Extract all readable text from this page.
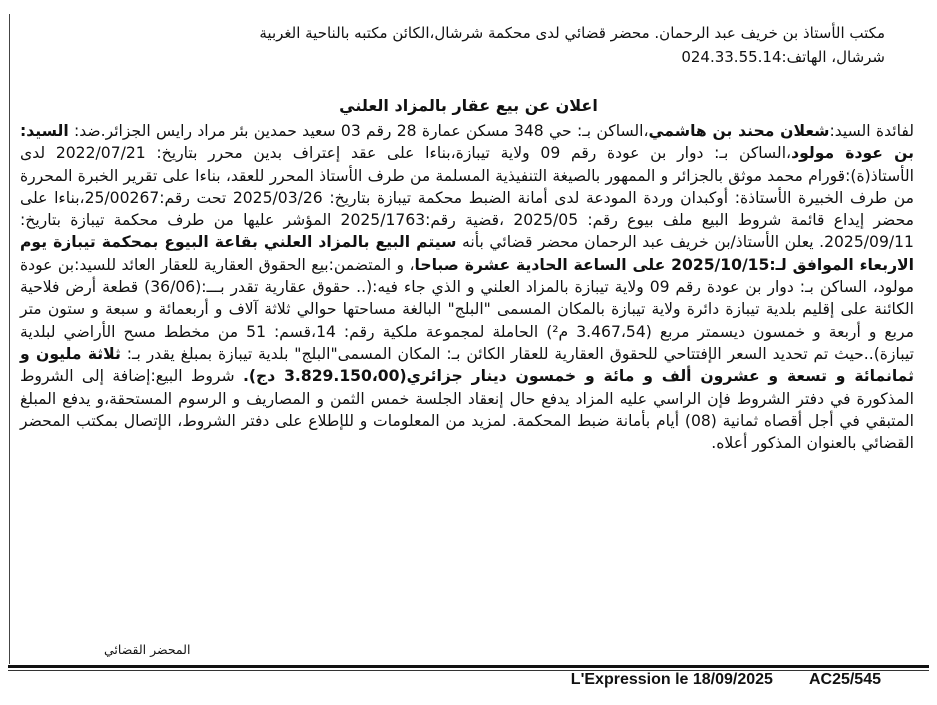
مكتب الأستاذ بن خريف عبد الرحمان. محضر قضائي لدى محكمة شرشال،الكائن مكتبه بالناحية الغربية
شرشال، الهاتف:024.33.55.14
اعلان عن بيع عقار بالمزاد العلني
لفائدة السيد:شعلان محند بن هاشمي،الساكن بـ: حي 348 مسكن عمارة 28 رقم 03 سعيد حمدين بئر مراد رايس الجزائر.ضد: السيد: بن عودة مولود،الساكن بـ: دوار بن عودة رقم 09 ولاية تيبازة،بناءا على عقد إعتراف بدين محرر بتاريخ: 2022/07/21 لدى الأستاذ(ة):قورام محمد موثق بالجزائر و الممهور بالصيغة التنفيذية المسلمة من طرف الأستاذ المحرر للعقد، بناءا على تقرير الخبرة المحررة من طرف الخبيرة الأستاذة: أوكبدان وردة المودعة لدى أمانة الضبط محكمة تيبازة بتاريخ: 2025/03/26 تحت رقم:25/00267،بناءا على محضر إيداع قائمة شروط البيع ملف بيوع رقم: 2025/05 ،قضية رقم:2025/1763 المؤشر عليها من طرف محكمة تيبازة بتاريخ: 2025/09/11. يعلن الأستاذ/بن خريف عبد الرحمان محضر قضائي بأنه سيتم البيع بالمزاد العلني بقاعة البيوع بمحكمة تيبازة يوم الاربعاء الموافق لـ:2025/10/15 على الساعة الحادية عشرة صباحا، و المتضمن:بيع الحقوق العقارية للعقار العائد للسيد:بن عودة مولود، الساكن بـ: دوار بن عودة رقم 09 ولاية تيبازة بالمزاد العلني و الذي جاء فيه:(.. حقوق عقارية تقدر بـــ:(36/06) قطعة أرض فلاحية الكائنة على إقليم بلدية تيبازة دائرة ولاية تيبازة بالمكان المسمى "البلج" البالغة مساحتها حوالي ثلاثة آلاف و أربعمائة و سبعة و ستون متر مربع و أربعة و خمسون ديسمتر مربع (3.467،54 م²) الحاملة لمجموعة ملكية رقم: 14،قسم: 51 من مخطط مسح الأراضي لبلدية تيبازة)..حيث تم تحديد السعر الإفتتاحي للحقوق العقارية للعقار الكائن بـ: المكان المسمى"البلج" بلدية تيبازة بمبلغ يقدر بـ: ثلاثة مليون و ثمانمائة و تسعة و عشرون ألف و مائة و خمسون دينار جزائري(3.829.150،00 دج). شروط البيع:إضافة إلى الشروط المذكورة في دفتر الشروط فإن الراسي عليه المزاد يدفع حال إنعقاد الجلسة خمس الثمن و المصاريف و الرسوم المستحقة،و يدفع المبلغ المتبقي في أجل أقصاه ثمانية (08) أيام بأمانة ضبط المحكمة. لمزيد من المعلومات و للإطلاع على دفتر الشروط، الإتصال بمكتب المحضر القضائي بالعنوان المذكور أعلاه.
المحضر القضائي
L'Expression le 18/09/2025 AC25/545
